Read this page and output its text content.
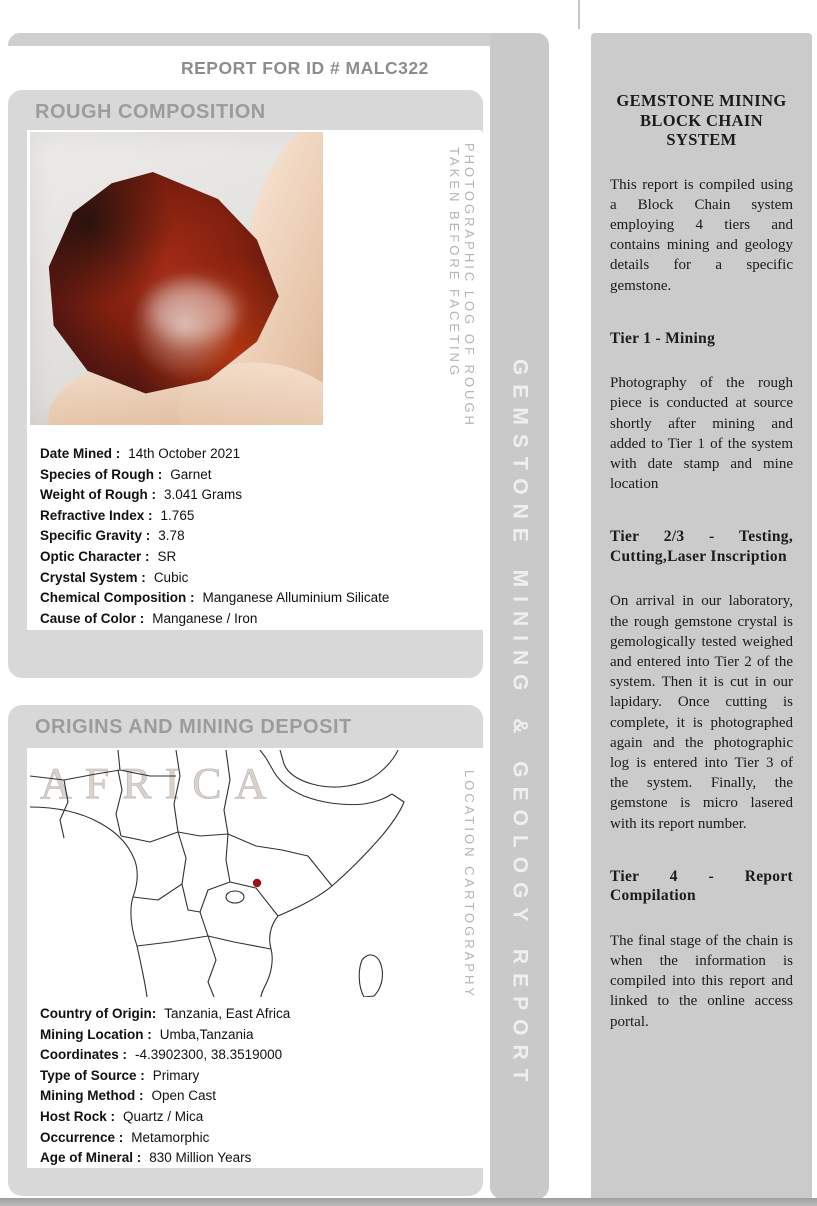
REPORT FOR ID # MALC322
ROUGH COMPOSITION
PHOTOGRAPHIC LOG OF ROUGH
TAKEN BEFORE FACETING
Date Mined : 14th October 2021
Species of Rough : Garnet
Weight of Rough : 3.041 Grams
Refractive Index : 1.765
Specific Gravity : 3.78
Optic Character : SR
Crystal System : Cubic
Chemical Composition : Manganese Alluminium Silicate
Cause of Color : Manganese / Iron
ORIGINS AND MINING DEPOSIT
AFRICA	LOCATION CARTOGRAPHY
Country of Origin: Tanzania, East Africa
Mining Location : Umba,Tanzania
Coordinates : -4.3902300, 38.3519000
Type of Source : Primary
Mining Method : Open Cast
Host Rock : Quartz / Mica
Occurrence : Metamorphic
Age of Mineral : 830 Million Years
GEMSTONE MINING & GEOLOGY REPORT
GEMSTONE MINING BLOCK CHAIN SYSTEM

This report is compiled using a Block Chain system employing 4 tiers and contains mining and geology details for a specific gemstone.

Tier 1 - Mining

Photography of the rough piece is conducted at source shortly after mining and added to Tier 1 of the system with date stamp and mine location

Tier 2/3 - Testing, Cutting,Laser Inscription

On arrival in our laboratory, the rough gemstone crystal is gemologically tested weighed and entered into Tier 2 of the system. Then it is cut in our lapidary. Once cutting is complete, it is photographed again and the photographic log is entered into Tier 3 of the system. Finally, the gemstone is micro lasered with its report number.

Tier 4 - Report Compilation

The final stage of the chain is when the information is compiled into this report and linked to the online access portal.
